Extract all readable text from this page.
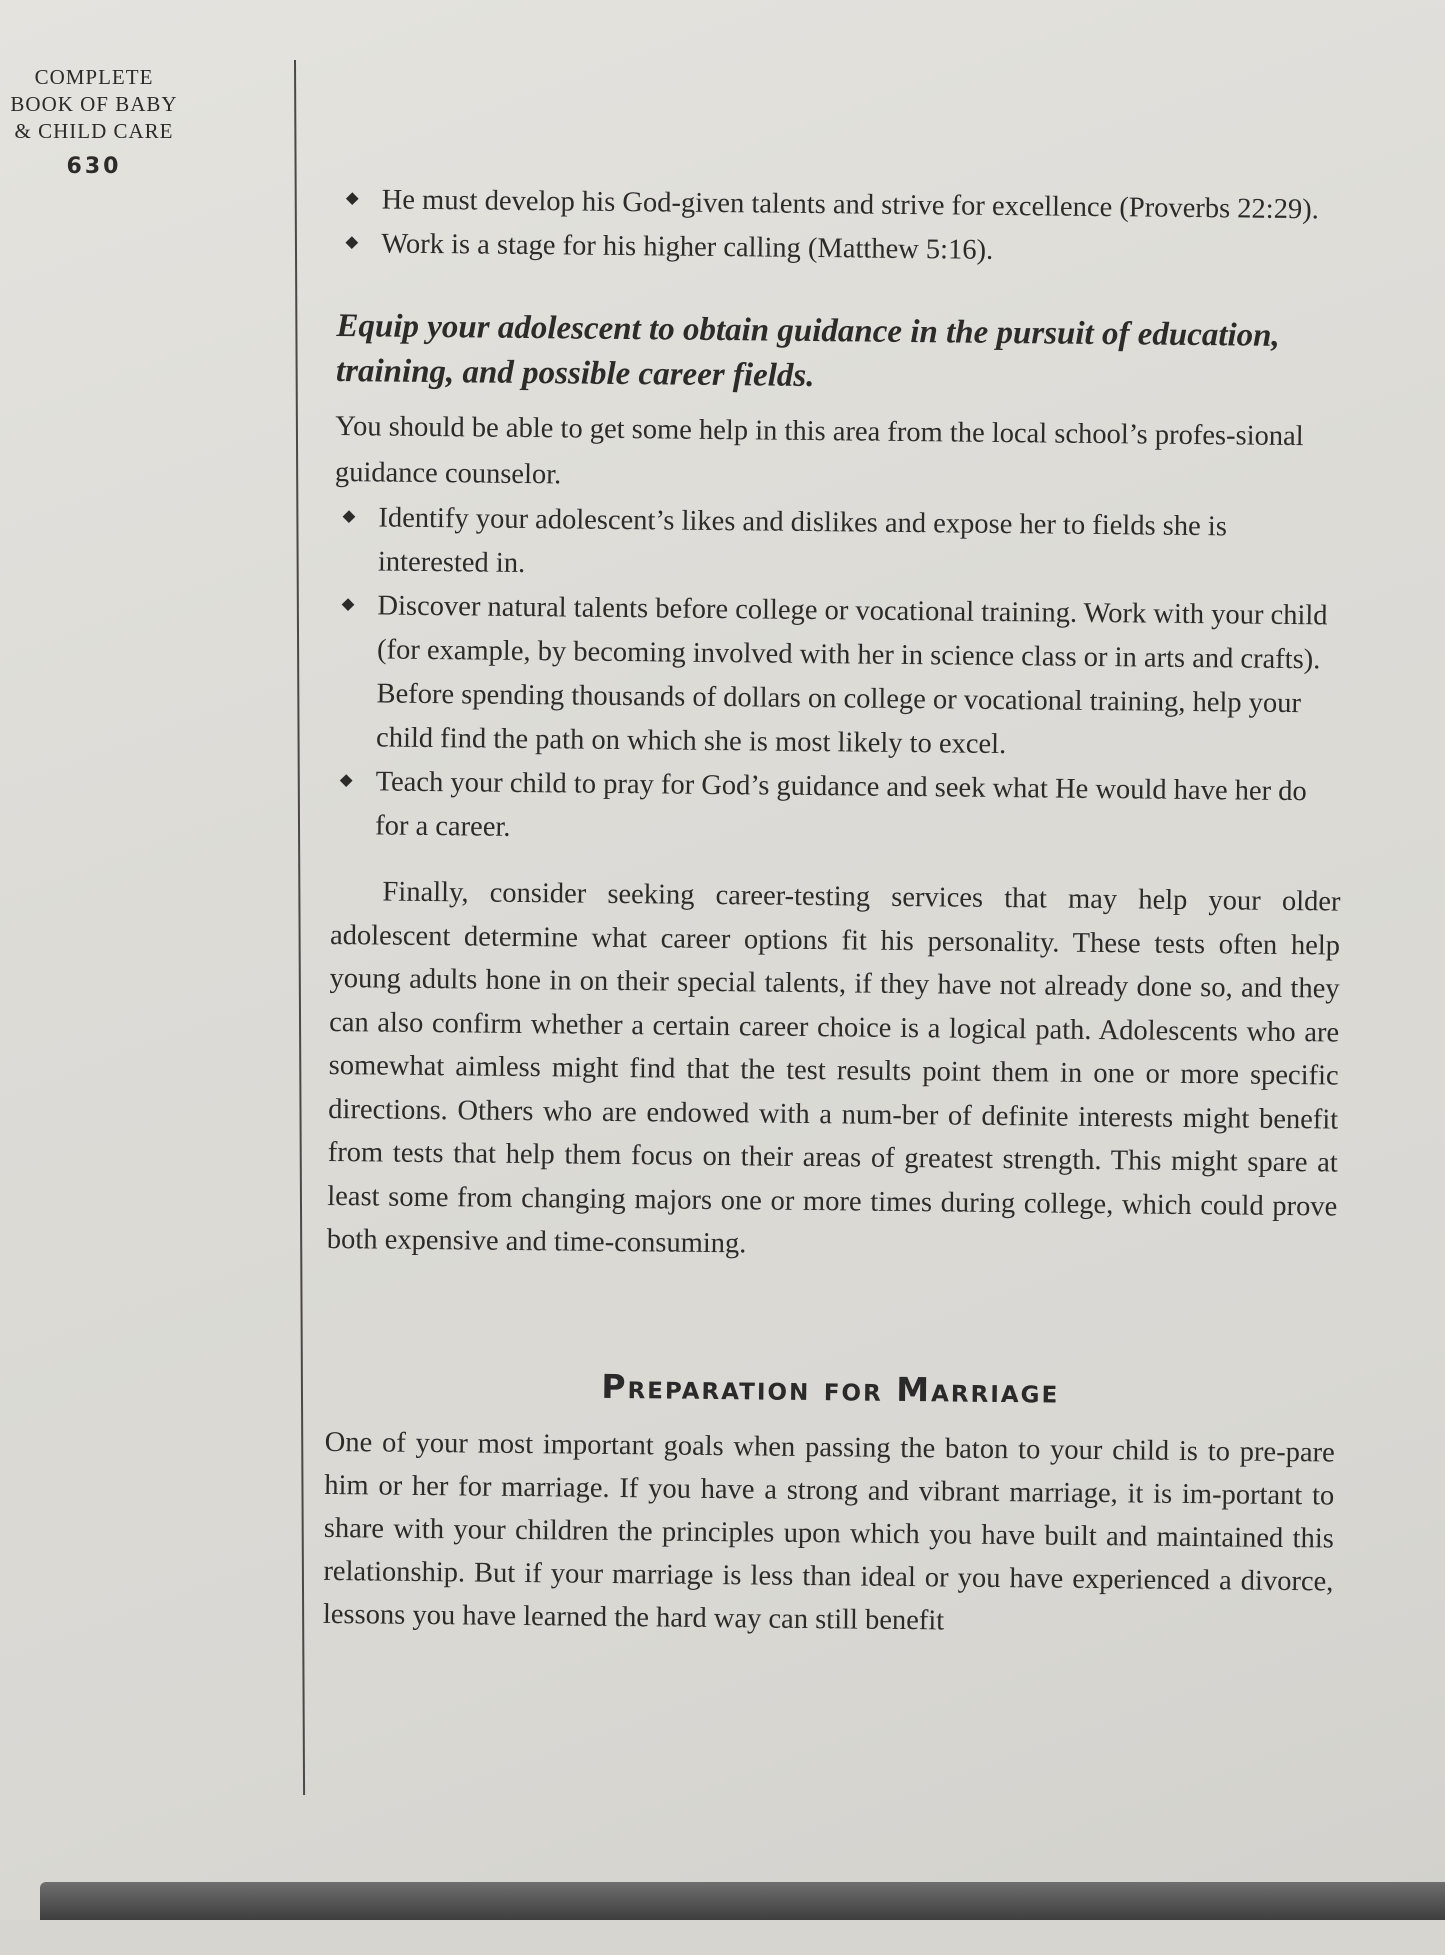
COMPLETE
BOOK OF BABY
& CHILD CARE
630
He must develop his God-given talents and strive for excellence (Proverbs 22:29).
Work is a stage for his higher calling (Matthew 5:16).
Equip your adolescent to obtain guidance in the pursuit of education, training, and possible career fields.

You should be able to get some help in this area from the local school’s profes-sional guidance counselor.

Identify your adolescent’s likes and dislikes and expose her to fields she is interested in.
Discover natural talents before college or vocational training. Work with your child (for example, by becoming involved with her in science class or in arts and crafts). Before spending thousands of dollars on college or vocational training, help your child find the path on which she is most likely to excel.
Teach your child to pray for God’s guidance and seek what He would have her do for a career.

Finally, consider seeking career-testing services that may help your older adolescent determine what career options fit his personality. These tests often help young adults hone in on their special talents, if they have not already done so, and they can also confirm whether a certain career choice is a logical path. Adolescents who are somewhat aimless might find that the test results point them in one or more specific directions. Others who are endowed with a num-ber of definite interests might benefit from tests that help them focus on their areas of greatest strength. This might spare at least some from changing majors one or more times during college, which could prove both expensive and time-consuming.

Preparation for Marriage

One of your most important goals when passing the baton to your child is to pre-pare him or her for marriage. If you have a strong and vibrant marriage, it is im-portant to share with your children the principles upon which you have built and maintained this relationship. But if your marriage is less than ideal or you have experienced a divorce, lessons you have learned the hard way can still benefit
